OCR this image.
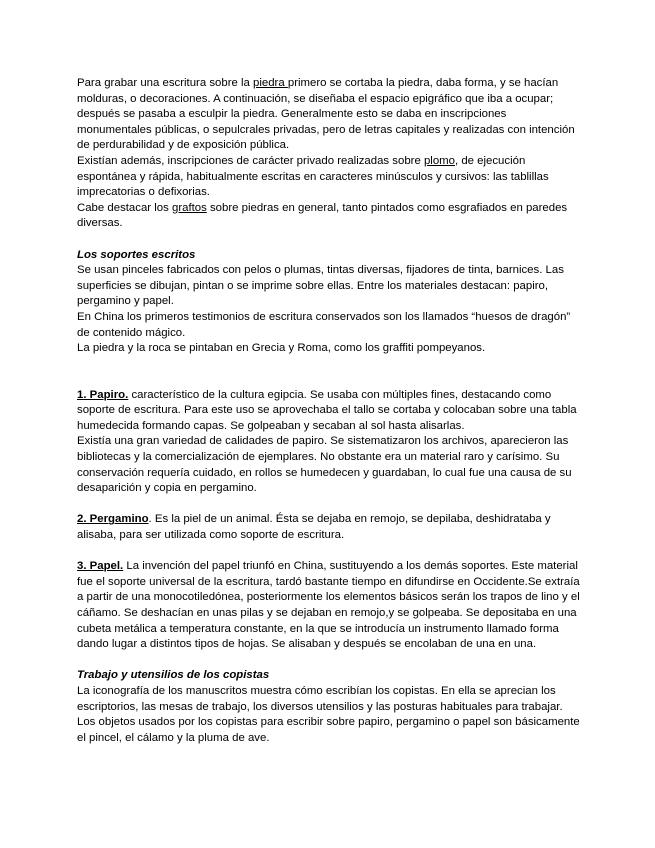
Para grabar una escritura sobre la piedra primero se cortaba la piedra, daba forma, y se hacían molduras, o decoraciones. A continuación, se diseñaba el espacio epigráfico que iba a ocupar; después se pasaba a esculpir la piedra. Generalmente esto se daba en inscripciones monumentales públicas, o sepulcrales privadas, pero de letras capitales y realizadas con intención de perdurabilidad y de exposición pública.

Existían además, inscripciones de carácter privado realizadas sobre plomo, de ejecución espontánea y rápida, habitualmente escritas en caracteres minúsculos y cursivos: las tablillas imprecatorias o defixorias.

Cabe destacar los graftos sobre piedras en general, tanto pintados como esgrafiados en paredes diversas.

Los soportes escritos

Se usan pinceles fabricados con pelos o plumas, tintas diversas, fijadores de tinta, barnices. Las superficies se dibujan, pintan o se imprime sobre ellas. Entre los materiales destacan: papiro, pergamino y papel.

En China los primeros testimonios de escritura conservados son los llamados “huesos de dragón” de contenido mágico.

La piedra y la roca se pintaban en Grecia y Roma, como los graffiti pompeyanos.

1. Papiro. característico de la cultura egipcia. Se usaba con múltiples fines, destacando como soporte de escritura. Para este uso se aprovechaba el tallo se cortaba y colocaban sobre una tabla humedecida formando capas. Se golpeaban y secaban al sol hasta alisarlas.

Existía una gran variedad de calidades de papiro. Se sistematizaron los archivos, aparecieron las bibliotecas y la comercialización de ejemplares. No obstante era un material raro y carísimo. Su conservación requería cuidado, en rollos se humedecen y guardaban, lo cual fue una causa de su desaparición y copia en pergamino.

2. Pergamino. Es la piel de un animal. Ésta se dejaba en remojo, se depilaba, deshidrataba y alisaba, para ser utilizada como soporte de escritura.

3. Papel. La invención del papel triunfó en China, sustituyendo a los demás soportes. Este material fue el soporte universal de la escritura, tardó bastante tiempo en difundirse en Occidente.Se extraía a partir de una monocotiledónea, posteriormente los elementos básicos serán los trapos de lino y el cáñamo. Se deshacían en unas pilas y se dejaban en remojo,y se golpeaba. Se depositaba en una cubeta metálica a temperatura constante, en la que se introducía un instrumento llamado forma dando lugar a distintos tipos de hojas. Se alisaban y después se encolaban de una en una.

Trabajo y utensilios de los copistas

La iconografía de los manuscritos muestra cómo escribían los copistas. En ella se aprecian los escriptorios, las mesas de trabajo, los diversos utensilios y las posturas habituales para trabajar. Los objetos usados por los copistas para escribir sobre papiro, pergamino o papel son básicamente el pincel, el cálamo y la pluma de ave.
